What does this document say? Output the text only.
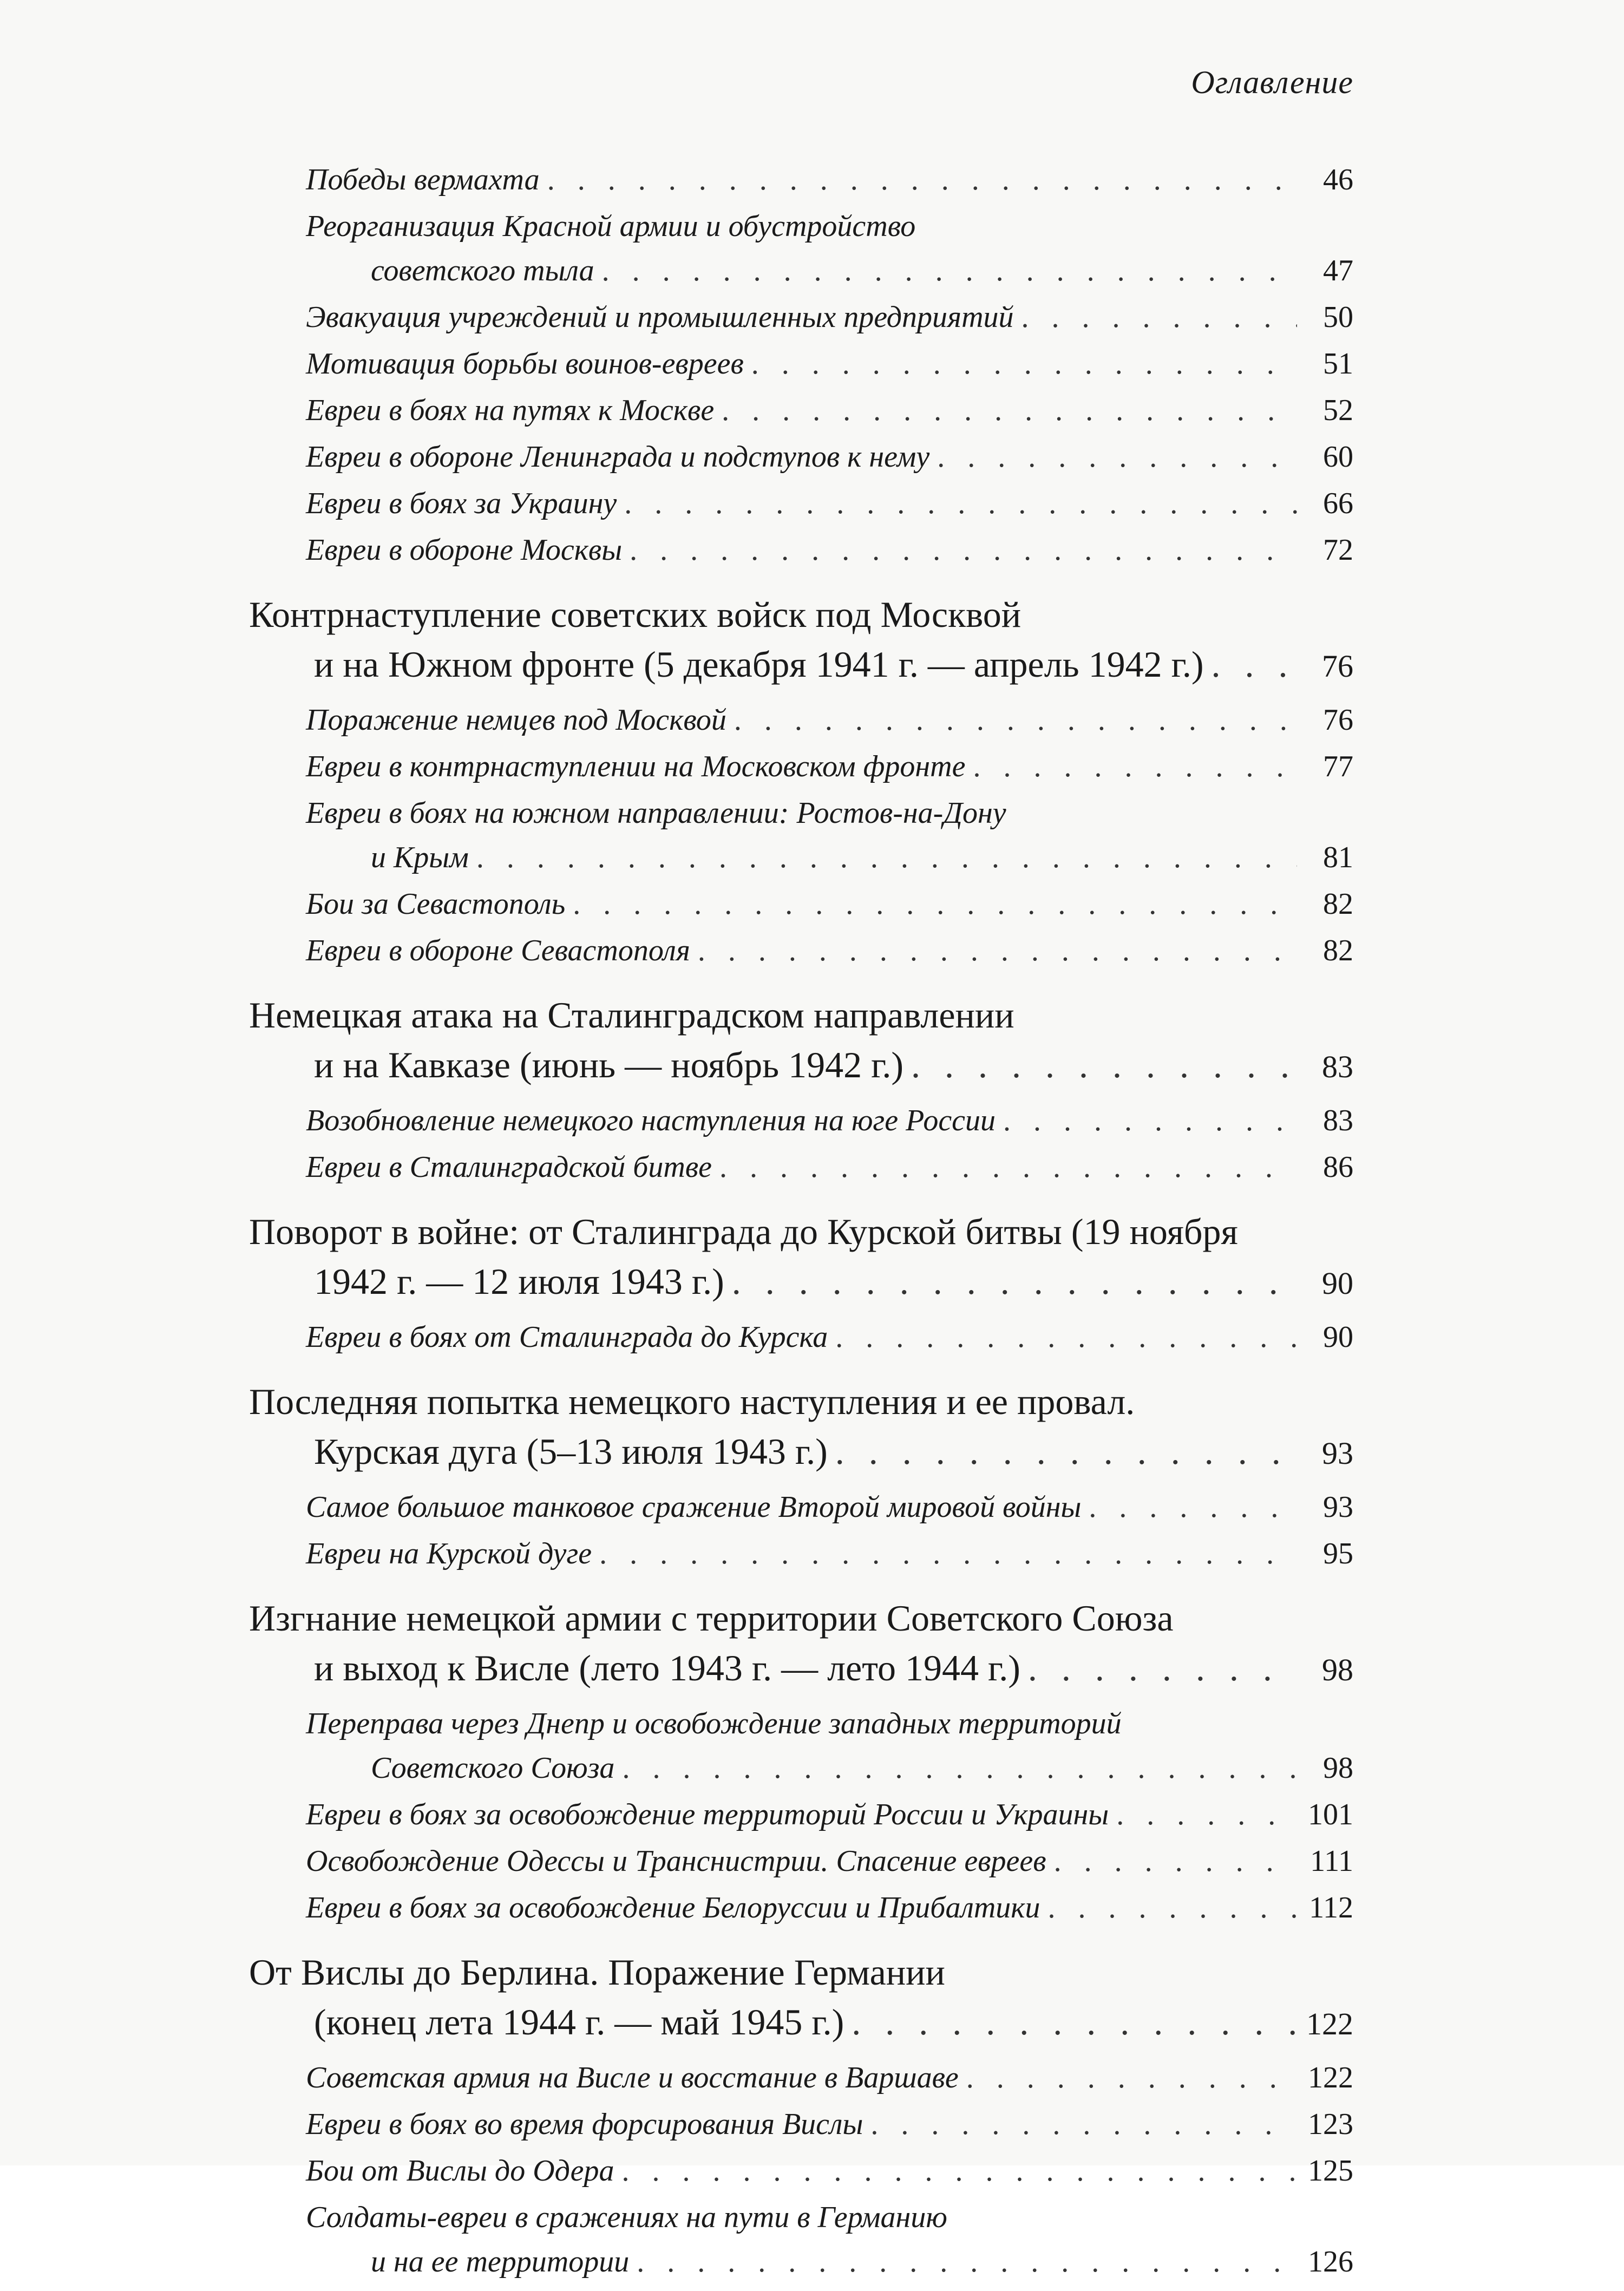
Оглавление
Победы вермахта . . .	46
Реорганизация Красной армии и обустройство
советского тыла . . .	47
Эвакуация учреждений и промышленных предприятий . . .	50
Мотивация борьбы воинов-евреев . . .	51
Евреи в боях на путях к Москве . . .	52
Евреи в обороне Ленинграда и подступов к нему . . .	60
Евреи в боях за Украину . . .	66
Евреи в обороне Москвы . . .	72
Контрнаступление советских войск под Москвой
и на Южном фронте (5 декабря 1941 г. — апрель 1942 г.) . . .	76
Поражение немцев под Москвой . . .	76
Евреи в контрнаступлении на Московском фронте . . .	77
Евреи в боях на южном направлении: Ростов-на-Дону
и Крым . . .	81
Бои за Севастополь . . .	82
Евреи в обороне Севастополя . . .	82
Немецкая атака на Сталинградском направлении
и на Кавказе (июнь — ноябрь 1942 г.) . . .	83
Возобновление немецкого наступления на юге России . . .	83
Евреи в Сталинградской битве . . .	86
Поворот в войне: от Сталинграда до Курской битвы (19 ноября
1942 г. — 12 июля 1943 г.) . . .	90
Евреи в боях от Сталинграда до Курска . . .	90
Последняя попытка немецкого наступления и ее провал.
Курская дуга (5–13 июля 1943 г.) . . .	93
Самое большое танковое сражение Второй мировой войны . . .	93
Евреи на Курской дуге . . .	95
Изгнание немецкой армии с территории Советского Союза
и выход к Висле (лето 1943 г. — лето 1944 г.) . . .	98
Переправа через Днепр и освобождение западных территорий
Советского Союза . . .	98
Евреи в боях за освобождение территорий России и Украины . . .	101
Освобождение Одессы и Транснистрии. Спасение евреев . . .	111
Евреи в боях за освобождение Белоруссии и Прибалтики . . .	112
От Вислы до Берлина. Поражение Германии
(конец лета 1944 г. — май 1945 г.) . . .	122
Советская армия на Висле и восстание в Варшаве . . .	122
Евреи в боях во время форсирования Вислы . . .	123
Бои от Вислы до Одера . . .	125
Солдаты-евреи в сражениях на пути в Германию
и на ее территории . . .	126
